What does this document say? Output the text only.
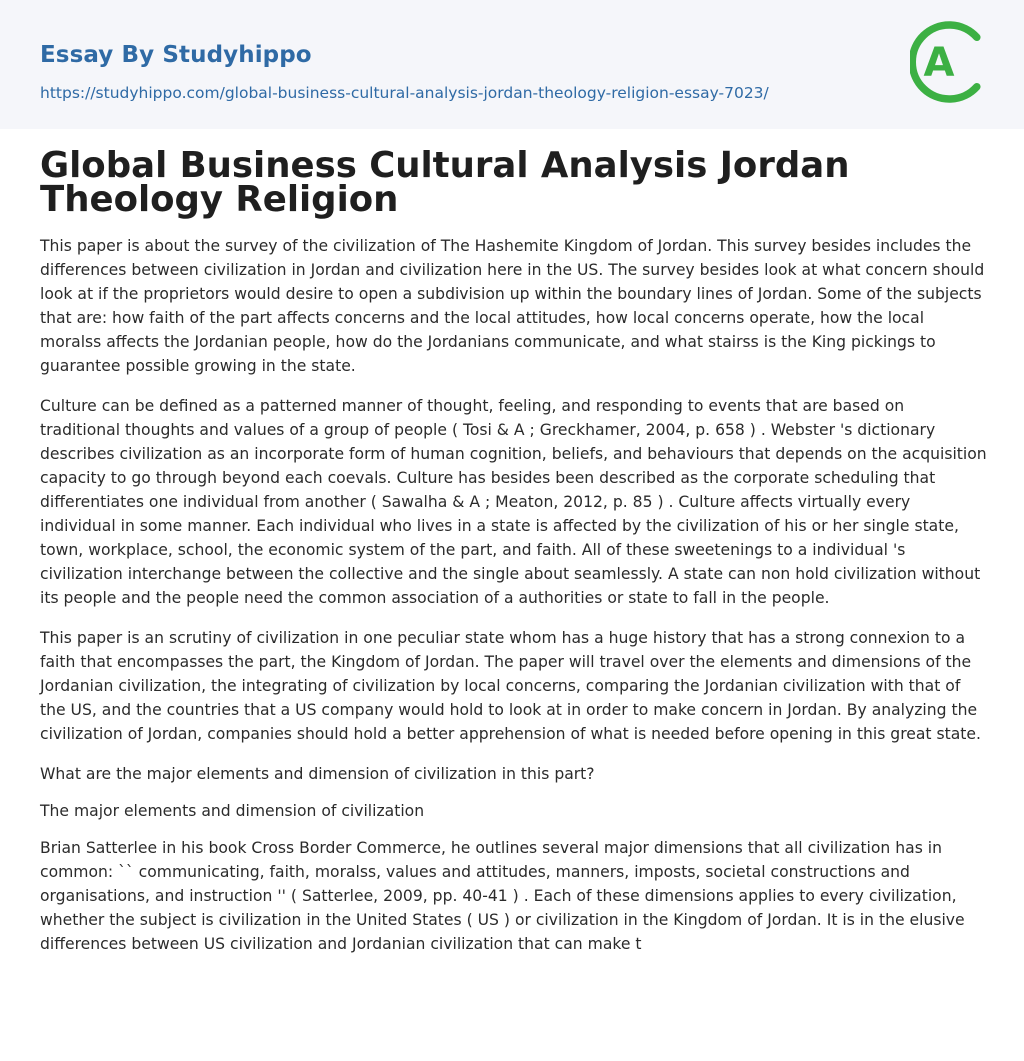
Essay By Studyhippo
https://studyhippo.com/global-business-cultural-analysis-jordan-theology-religion-essay-7023/
A
Global Business Cultural Analysis Jordan Theology Religion

This paper is about the survey of the civilization of The Hashemite Kingdom of Jordan. This survey besides includes the differences between civilization in Jordan and civilization here in the US. The survey besides look at what concern should look at if the proprietors would desire to open a subdivision up within the boundary lines of Jordan. Some of the subjects that are: how faith of the part affects concerns and the local attitudes, how local concerns operate, how the local moralss affects the Jordanian people, how do the Jordanians communicate, and what stairss is the King pickings to guarantee possible growing in the state.

Culture can be defined as a patterned manner of thought, feeling, and responding to events that are based on traditional thoughts and values of a group of people ( Tosi & A ; Greckhamer, 2004, p. 658 ) . Webster 's dictionary describes civilization as an incorporate form of human cognition, beliefs, and behaviours that depends on the acquisition capacity to go through beyond each coevals. Culture has besides been described as the corporate scheduling that differentiates one individual from another ( Sawalha & A ; Meaton, 2012, p. 85 ) . Culture affects virtually every individual in some manner. Each individual who lives in a state is affected by the civilization of his or her single state, town, workplace, school, the economic system of the part, and faith. All of these sweetenings to a individual 's civilization interchange between the collective and the single about seamlessly. A state can non hold civilization without its people and the people need the common association of a authorities or state to fall in the people.

This paper is an scrutiny of civilization in one peculiar state whom has a huge history that has a strong connexion to a faith that encompasses the part, the Kingdom of Jordan. The paper will travel over the elements and dimensions of the Jordanian civilization, the integrating of civilization by local concerns, comparing the Jordanian civilization with that of the US, and the countries that a US company would hold to look at in order to make concern in Jordan. By analyzing the civilization of Jordan, companies should hold a better apprehension of what is needed before opening in this great state.

What are the major elements and dimension of civilization in this part?

The major elements and dimension of civilization

Brian Satterlee in his book Cross Border Commerce, he outlines several major dimensions that all civilization has in common: `` communicating, faith, moralss, values and attitudes, manners, imposts, societal constructions and organisations, and instruction '' ( Satterlee, 2009, pp. 40-41 ) . Each of these dimensions applies to every civilization, whether the subject is civilization in the United States ( US ) or civilization in the Kingdom of Jordan. It is in the elusive differences between US civilization and Jordanian civilization that can make t
